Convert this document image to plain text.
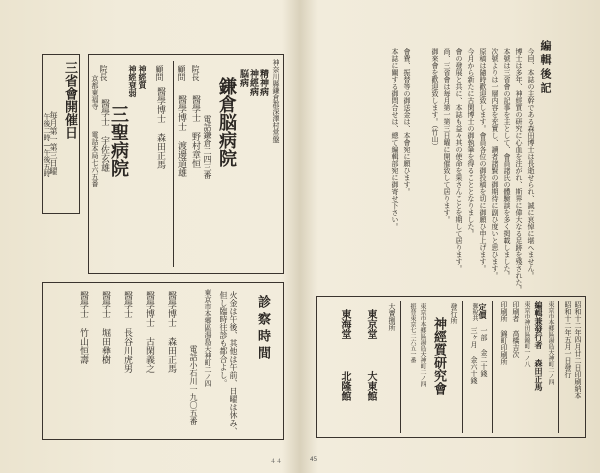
三省會開催日
毎月第一第三日曜
午後二時—午後五時
神奈川縣鎌倉郡深澤村常盤
精神病
神經病
脳病
鎌倉脳病院
電話鎌倉二四三番
院長
醫學士 野村章恒
顧問
醫學博士 渡邊道雄
顧問
醫學博士 森田正馬
神經質
神經衰弱
三聖病院
院長
醫學士 宇佐玄雄
京都東福寺
電話本局七六五番
診察時間
火金は午後、其他は午前、日曜は休み、
但し臨時往診も都合よし。
東京市本郷區湯島天神町二ノ四
電話小石川一九〇五番
醫學博士 森田正馬
醫學博士 古閑義之
醫學士 長谷川虎男
醫學士 堀田彝樹
醫學士 竹山恒壽
４４
編輯後記
今回、本誌の主幹である森田博士は長逝せられ、誠に哀悼に堪へません。
博士は多年、神經質の研究に心血を注がれ、斯界に偉大なる足跡を殘された。
本號は三省會の記事を主として、會員諸氏の體驗談を多く掲載しました。
次號よりは一層内容を充實し、讀者諸賢の御期待に副ひ度いと思ひます。
原稿は隨時歡迎致します。會員各位の御投稿を切に御願ひ申上げます。
今月から新たに古閑博士の御執筆を得ることとなりました。
會の發展と共に、本誌も益々其の使命を果さんことを期して居ります。
尚、三省會は毎月第一第三日曜に開催致して居ります。
御來會を歡迎致します。（竹山）
會費、振替等の御送金は、本會宛に願ひます。
本誌に關する御問合せは、總て編輯部宛に御寄せ下さい。
昭和十二年四月廿二日印刷納本
昭和十二年五月一日發行
東京市本郷區湯島天神町二ノ四
編輯兼發行者 森田正馬
東京市神田區錦町一ノ八
印刷者 高橋吉次
印刷所 錦町印刷所
定價
一部 金二十錢
三ヶ月 金六十錢
郵稅共
發行所
神經質研究會
東京市本郷區湯島天神町二ノ四
振替東京七二六五一番
大賣捌所
東京堂
大東館
東海堂
北隆館
45
